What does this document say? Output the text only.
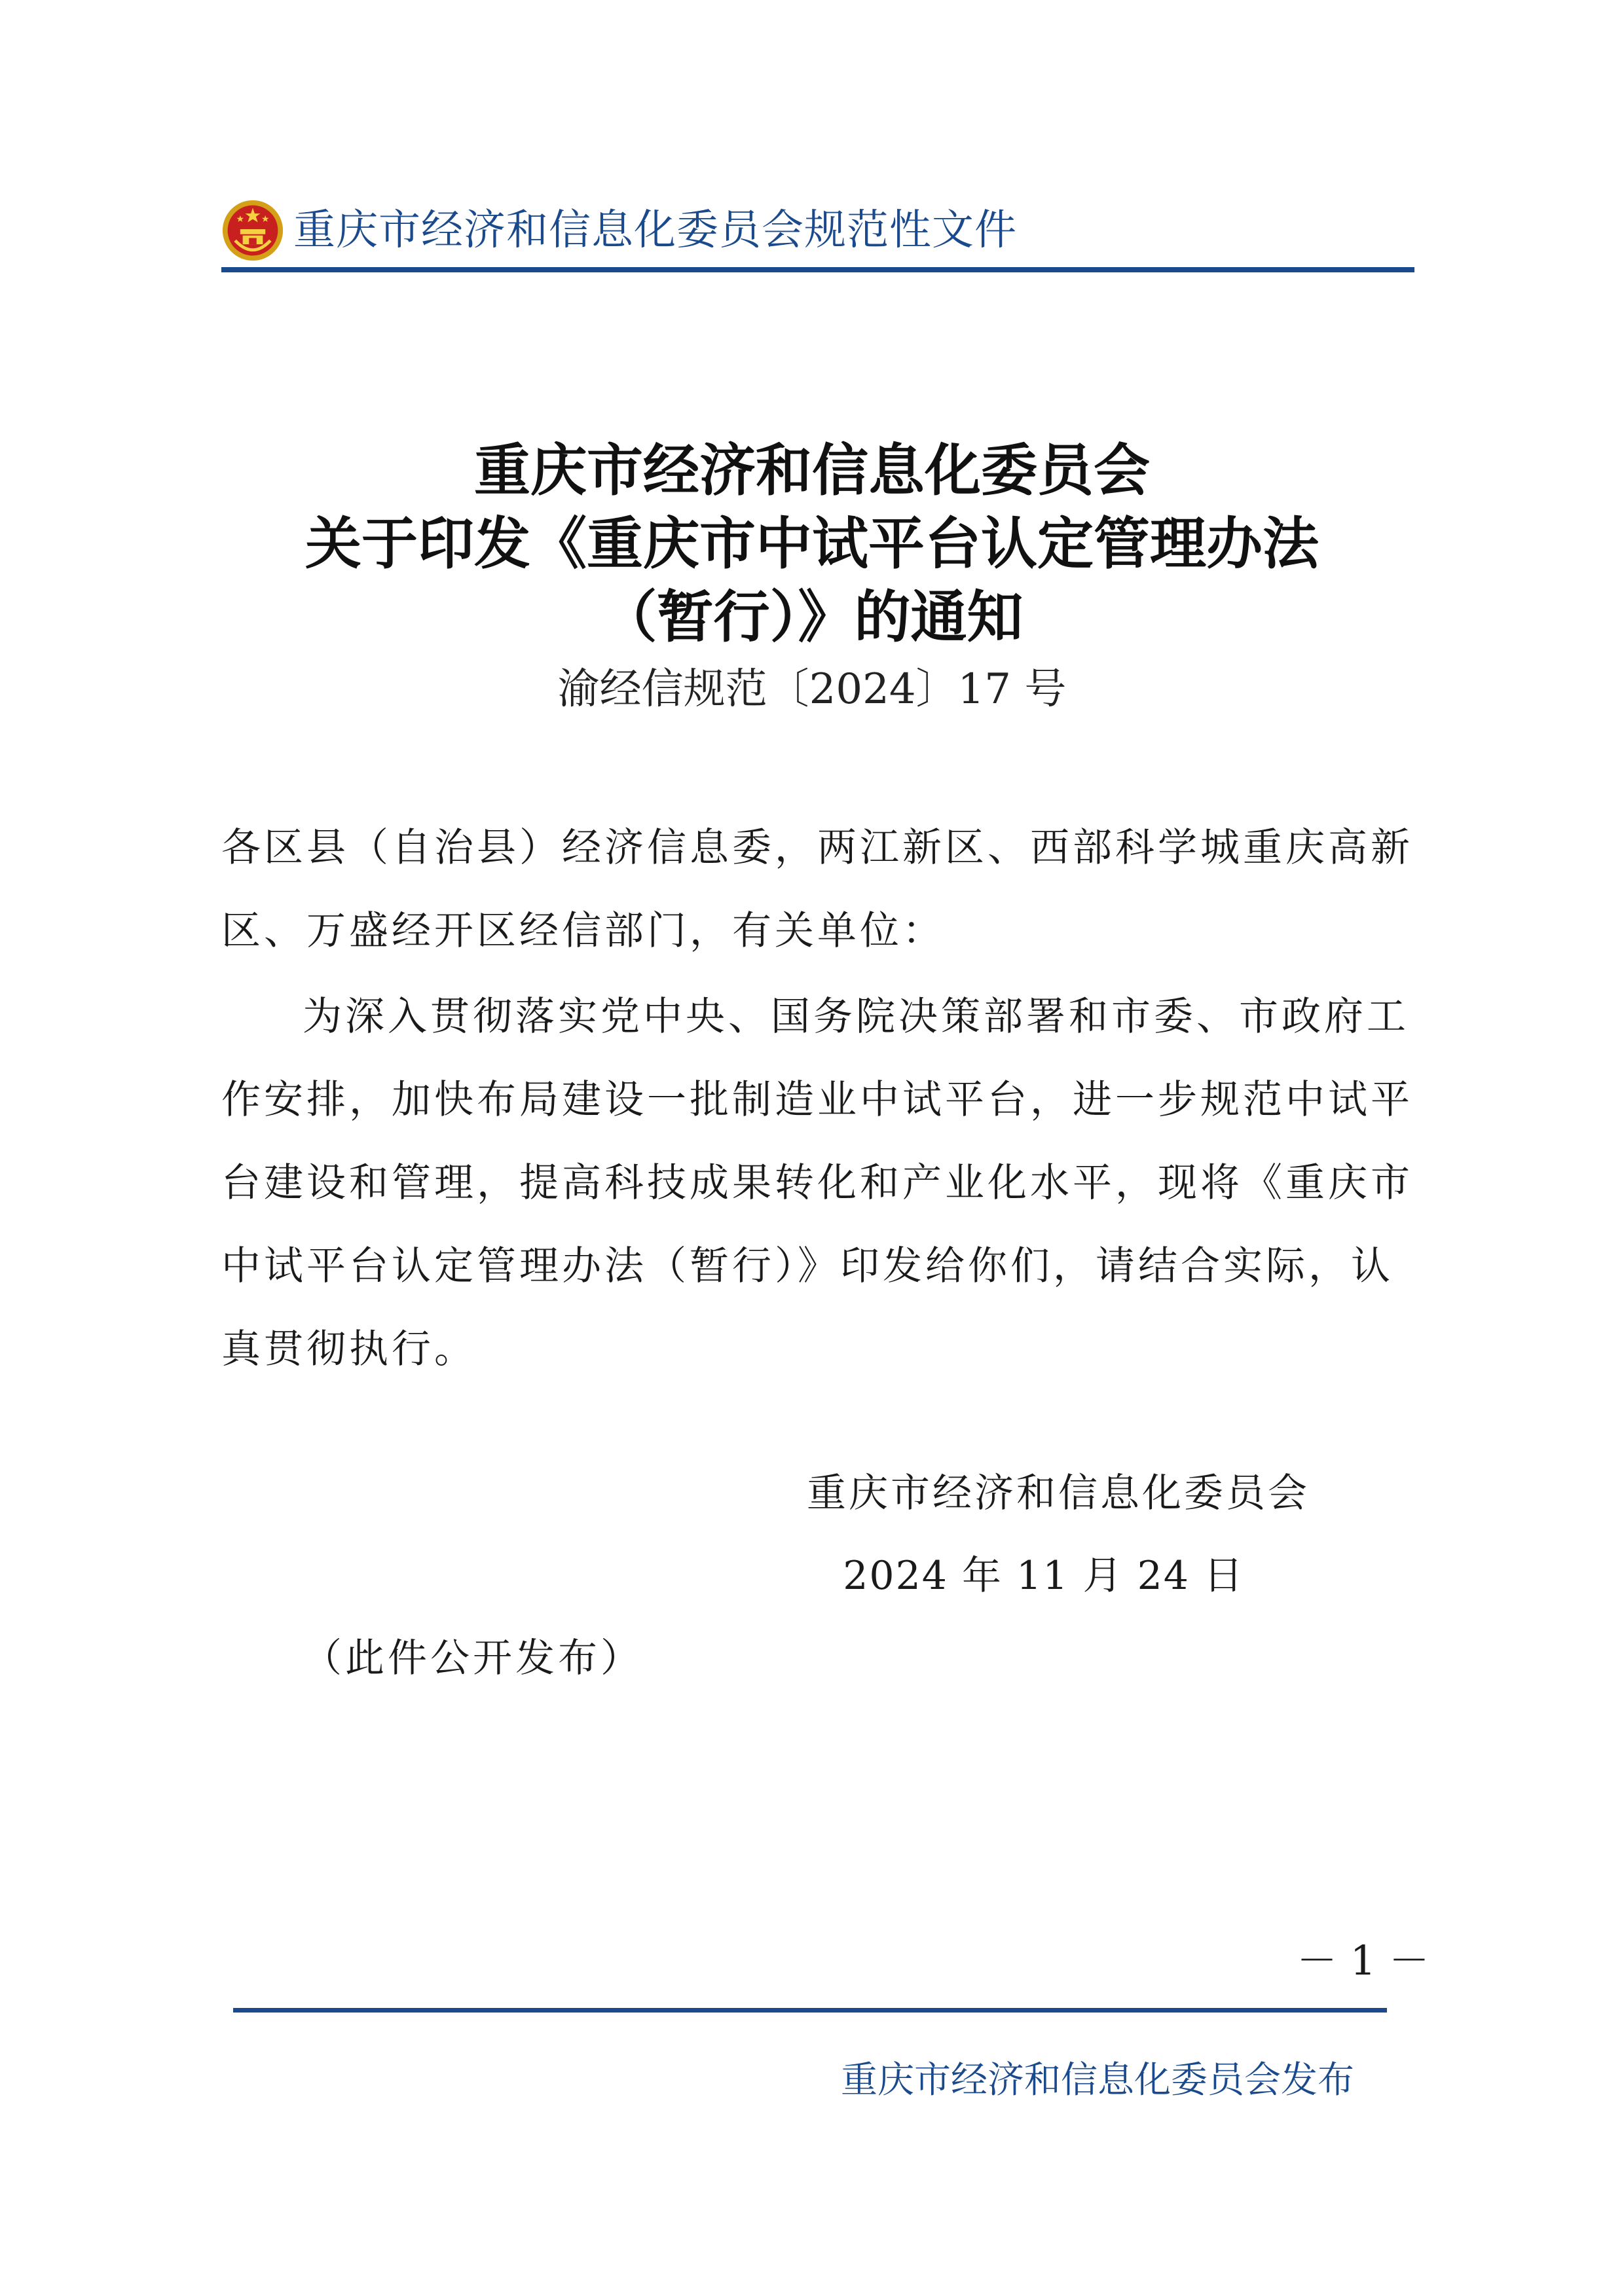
重庆市经济和信息化委员会规范性文件
重庆市经济和信息化委员会
关于印发《重庆市中试平台认定管理办法
（暂行）》的通知
渝经信规范〔2024〕17 号
各区县（自治县）经济信息委，两江新区、西部科学城重庆高新
区、万盛经开区经信部门，有关单位：
为深入贯彻落实党中央、国务院决策部署和市委、市政府工
作安排，加快布局建设一批制造业中试平台，进一步规范中试平
台建设和管理，提高科技成果转化和产业化水平，现将《重庆市
中试平台认定管理办法（暂行）》印发给你们，请结合实际，认
真贯彻执行。
重庆市经济和信息化委员会
2024 年 11 月 24 日
（此件公开发布）
－ 1 －
重庆市经济和信息化委员会发布
